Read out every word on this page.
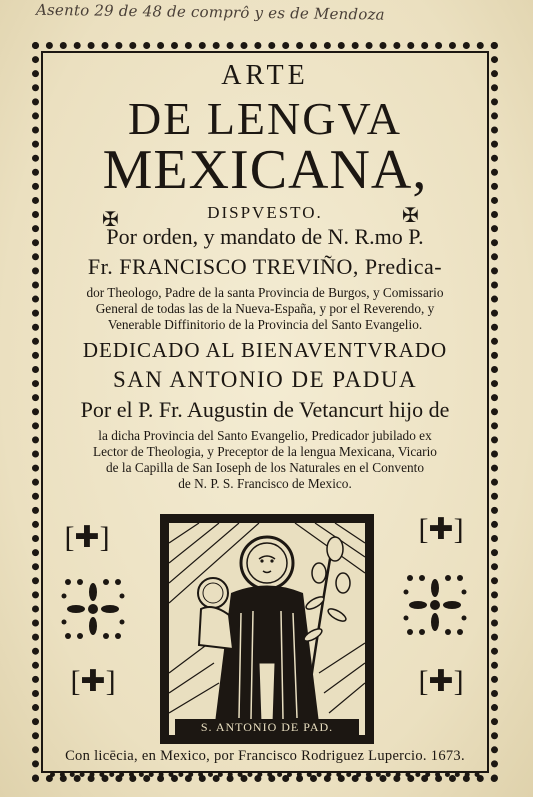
Asento 29 de 48 de comprô y es de Mendoza
ARTE
DE LENGVA
MEXICANA,
✠	✠
DISPVESTO.
Por orden, y mandato de N. R.mo P.
Fr. FRANCISCO TREVIÑO, Predica-
dor Theologo, Padre de la santa Provincia de Burgos, y Comissario
General de todas las de la Nueva-España, y por el Reverendo, y
Venerable Diffinitorio de la Provincia del Santo Evangelio.
DEDICADO AL BIENAVENTVRADO
SAN ANTONIO DE PADUA
Por el P. Fr. Augustin de Vetancurt hijo de
la dicha Provincia del Santo Evangelio, Predicador jubilado ex
Lector de Theologia, y Preceptor de la lengua Mexicana, Vicario
de la Capilla de San Ioseph de los Naturales en el Convento
de N. P. S. Francisco de Mexico.
[✚]	[✚]
[✚]	[✚]
S. ANTONIO DE PAD.
Con licēcia, en Mexico, por Francisco Rodriguez Lupercio. 1673.
